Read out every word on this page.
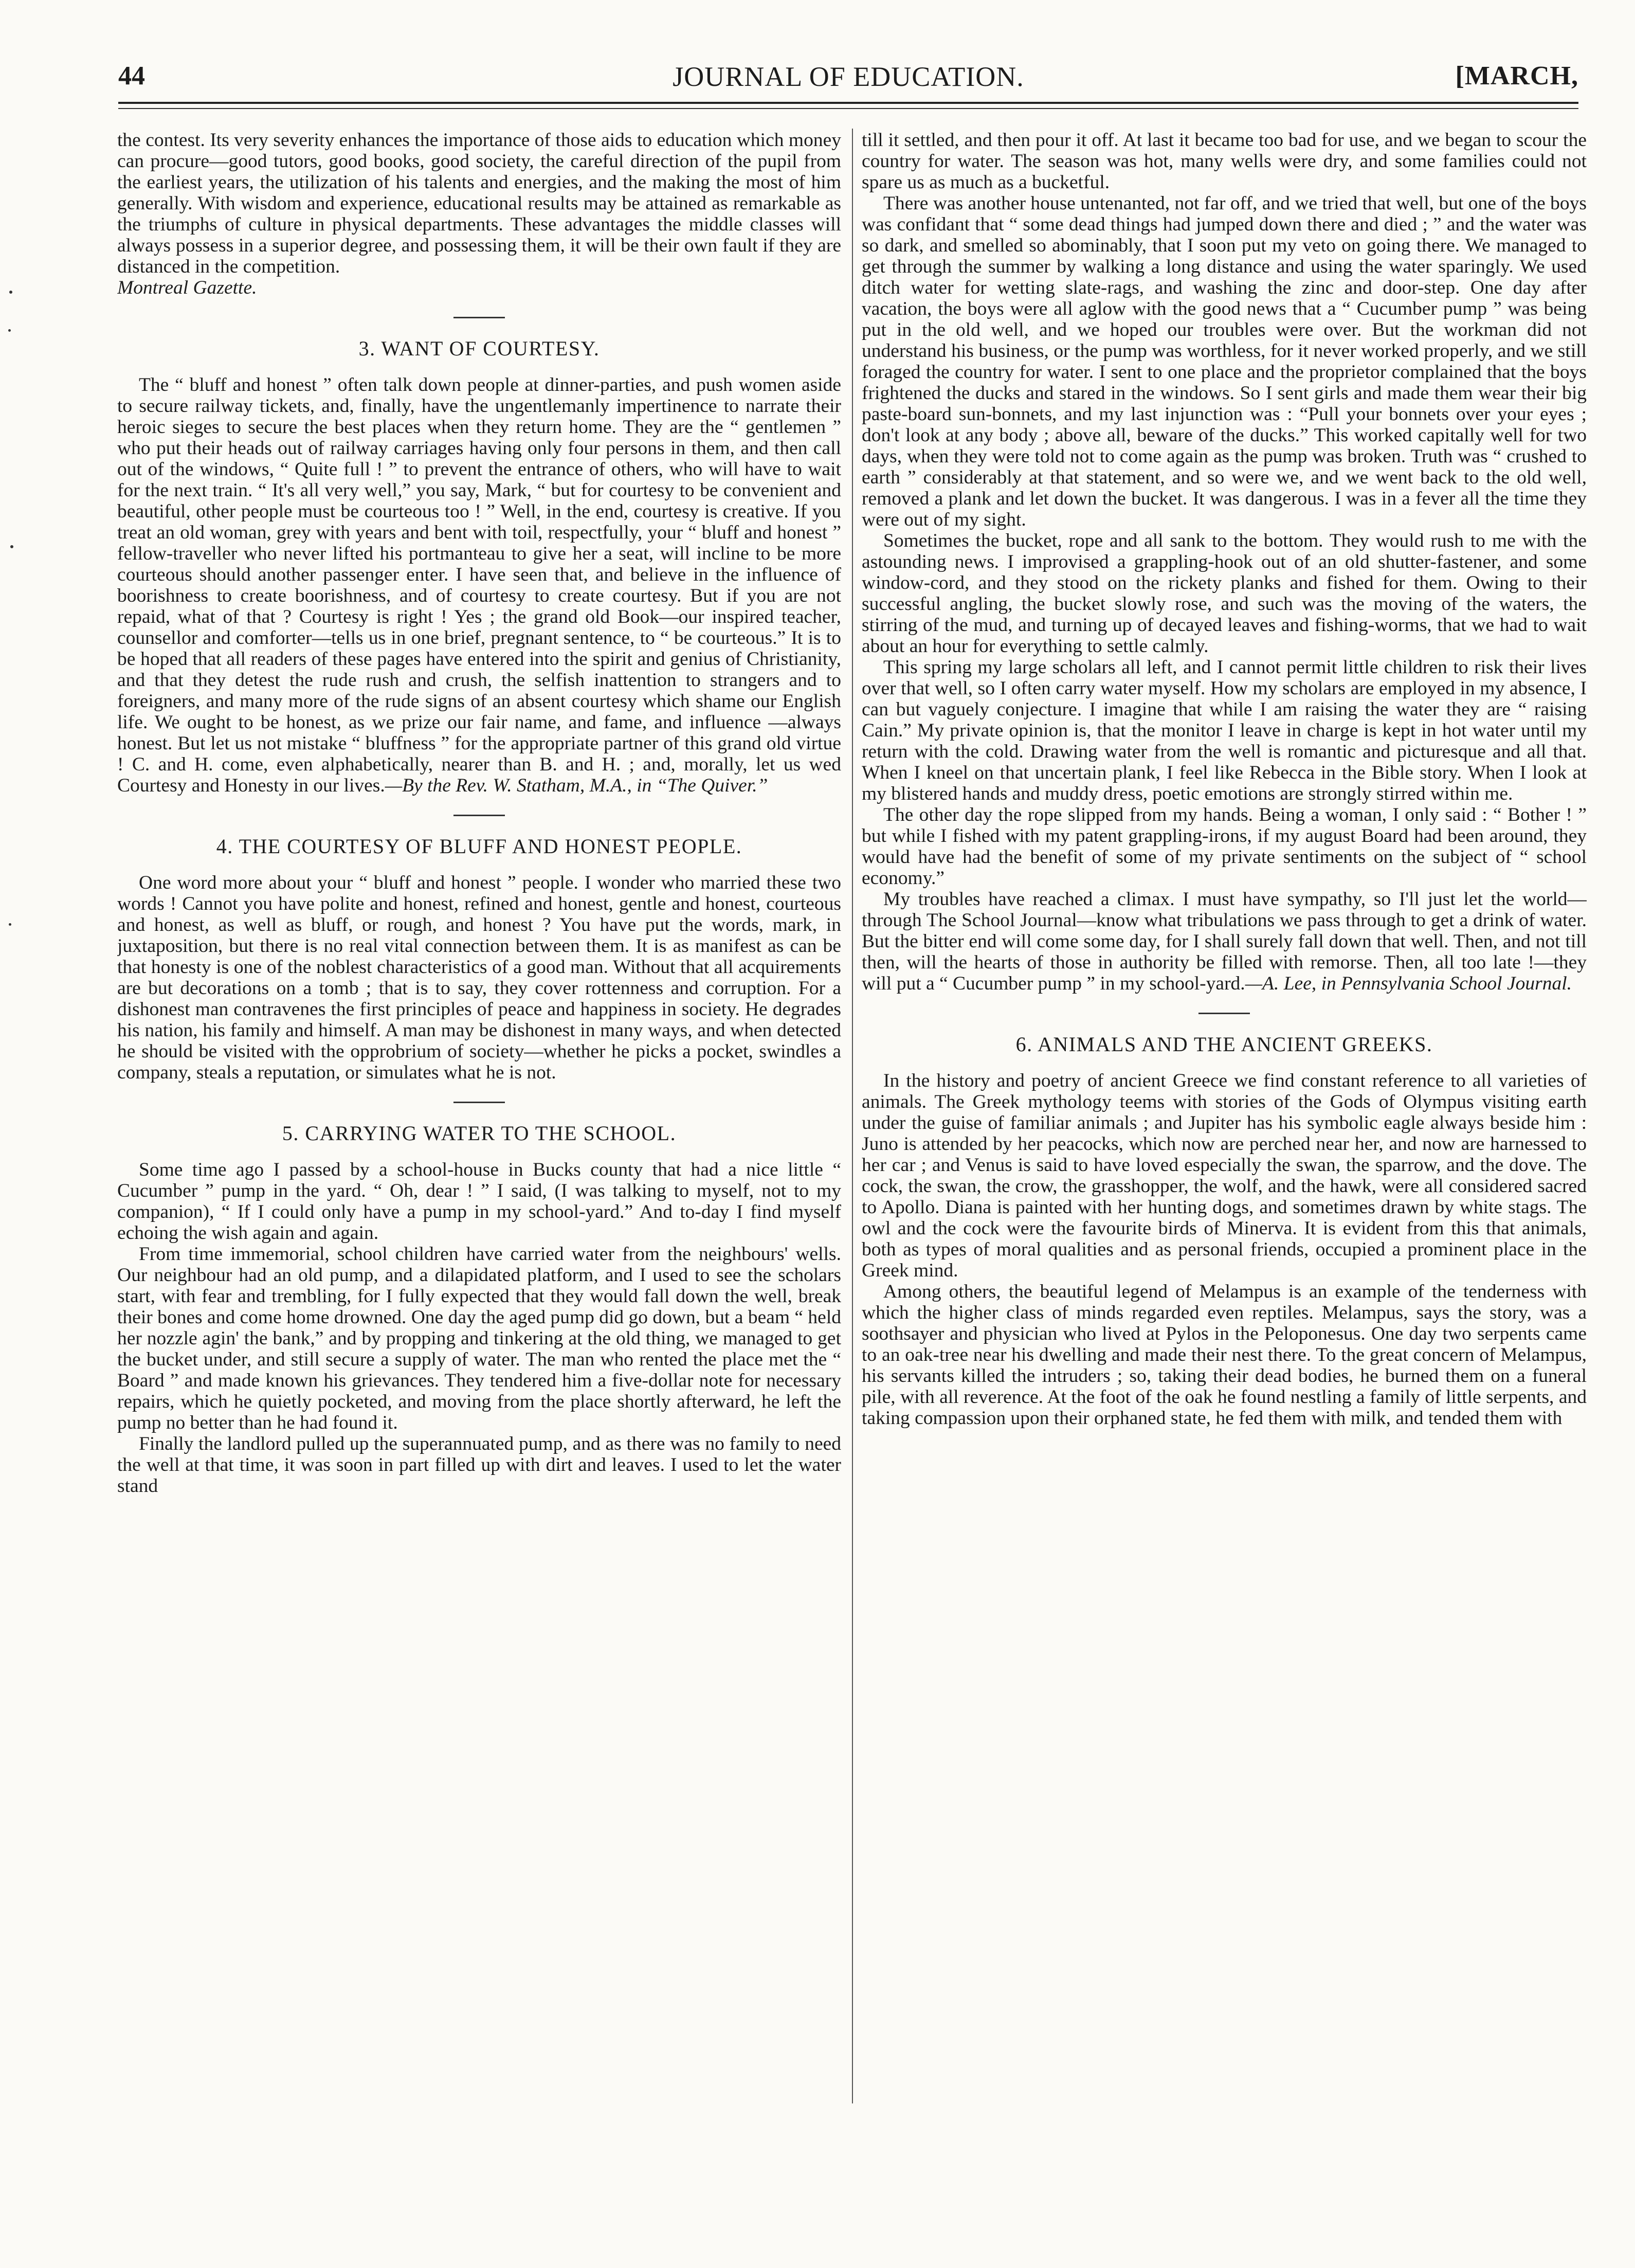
44	JOURNAL OF EDUCATION.	[MARCH,

the contest. Its very severity enhances the importance of those aids to education which money can procure—good tutors, good books, good society, the careful direction of the pupil from the earliest years, the utilization of his talents and energies, and the making the most of him generally. With wisdom and experience, educational results may be attained as remarkable as the triumphs of culture in physical departments. These advantages the middle classes will always possess in a superior degree, and possessing them, it will be their own fault if they are distanced in the competition.

Montreal Gazette.

3. WANT OF COURTESY.

The “ bluff and honest ” often talk down people at dinner-parties, and push women aside to secure railway tickets, and, finally, have the ungentlemanly impertinence to narrate their heroic sieges to secure the best places when they return home. They are the “ gentlemen ” who put their heads out of railway carriages having only four persons in them, and then call out of the windows, “ Quite full ! ” to prevent the entrance of others, who will have to wait for the next train. “ It's all very well,” you say, Mark, “ but for courtesy to be convenient and beautiful, other people must be courteous too ! ” Well, in the end, courtesy is creative. If you treat an old woman, grey with years and bent with toil, respectfully, your “ bluff and honest ” fellow-traveller who never lifted his portmanteau to give her a seat, will incline to be more courteous should another passenger enter. I have seen that, and believe in the influence of boorishness to create boorishness, and of courtesy to create courtesy. But if you are not repaid, what of that ? Courtesy is right ! Yes ; the grand old Book—our inspired teacher, counsellor and comforter—tells us in one brief, pregnant sentence, to “ be courteous.” It is to be hoped that all readers of these pages have entered into the spirit and genius of Christianity, and that they detest the rude rush and crush, the selfish inattention to strangers and to foreigners, and many more of the rude signs of an absent courtesy which shame our English life. We ought to be honest, as we prize our fair name, and fame, and influence —always honest. But let us not mistake “ bluffness ” for the appropriate partner of this grand old virtue ! C. and H. come, even alphabetically, nearer than B. and H. ; and, morally, let us wed Courtesy and Honesty in our lives.—By the Rev. W. Statham, M.A., in “The Quiver.”

4. THE COURTESY OF BLUFF AND HONEST PEOPLE.

One word more about your “ bluff and honest ” people. I wonder who married these two words ! Cannot you have polite and honest, refined and honest, gentle and honest, courteous and honest, as well as bluff, or rough, and honest ? You have put the words, mark, in juxtaposition, but there is no real vital connection between them. It is as manifest as can be that honesty is one of the noblest characteristics of a good man. Without that all acquirements are but decorations on a tomb ; that is to say, they cover rottenness and corruption. For a dishonest man contravenes the first principles of peace and happiness in society. He degrades his nation, his family and himself. A man may be dishonest in many ways, and when detected he should be visited with the opprobrium of society—whether he picks a pocket, swindles a company, steals a reputation, or simulates what he is not.

5. CARRYING WATER TO THE SCHOOL.

Some time ago I passed by a school-house in Bucks county that had a nice little “ Cucumber ” pump in the yard. “ Oh, dear ! ” I said, (I was talking to myself, not to my companion), “ If I could only have a pump in my school-yard.” And to-day I find myself echoing the wish again and again.

From time immemorial, school children have carried water from the neighbours' wells. Our neighbour had an old pump, and a dilapidated platform, and I used to see the scholars start, with fear and trembling, for I fully expected that they would fall down the well, break their bones and come home drowned. One day the aged pump did go down, but a beam “ held her nozzle agin' the bank,” and by propping and tinkering at the old thing, we managed to get the bucket under, and still secure a supply of water. The man who rented the place met the “ Board ” and made known his grievances. They tendered him a five-dollar note for necessary repairs, which he quietly pocketed, and moving from the place shortly afterward, he left the pump no better than he had found it.

Finally the landlord pulled up the superannuated pump, and as there was no family to need the well at that time, it was soon in part filled up with dirt and leaves. I used to let the water stand

till it settled, and then pour it off. At last it became too bad for use, and we began to scour the country for water. The season was hot, many wells were dry, and some families could not spare us as much as a bucketful.

There was another house untenanted, not far off, and we tried that well, but one of the boys was confidant that “ some dead things had jumped down there and died ; ” and the water was so dark, and smelled so abominably, that I soon put my veto on going there. We managed to get through the summer by walking a long distance and using the water sparingly. We used ditch water for wetting slate-rags, and washing the zinc and door-step. One day after vacation, the boys were all aglow with the good news that a “ Cucumber pump ” was being put in the old well, and we hoped our troubles were over. But the workman did not understand his business, or the pump was worthless, for it never worked properly, and we still foraged the country for water. I sent to one place and the proprietor complained that the boys frightened the ducks and stared in the windows. So I sent girls and made them wear their big paste-board sun-bonnets, and my last injunction was : “Pull your bonnets over your eyes ; don't look at any body ; above all, beware of the ducks.” This worked capitally well for two days, when they were told not to come again as the pump was broken. Truth was “ crushed to earth ” considerably at that statement, and so were we, and we went back to the old well, removed a plank and let down the bucket. It was dangerous. I was in a fever all the time they were out of my sight.

Sometimes the bucket, rope and all sank to the bottom. They would rush to me with the astounding news. I improvised a grappling-hook out of an old shutter-fastener, and some window-cord, and they stood on the rickety planks and fished for them. Owing to their successful angling, the bucket slowly rose, and such was the moving of the waters, the stirring of the mud, and turning up of decayed leaves and fishing-worms, that we had to wait about an hour for everything to settle calmly.

This spring my large scholars all left, and I cannot permit little children to risk their lives over that well, so I often carry water myself. How my scholars are employed in my absence, I can but vaguely conjecture. I imagine that while I am raising the water they are “ raising Cain.” My private opinion is, that the monitor I leave in charge is kept in hot water until my return with the cold. Drawing water from the well is romantic and picturesque and all that. When I kneel on that uncertain plank, I feel like Rebecca in the Bible story. When I look at my blistered hands and muddy dress, poetic emotions are strongly stirred within me.

The other day the rope slipped from my hands. Being a woman, I only said : “ Bother ! ” but while I fished with my patent grappling-irons, if my august Board had been around, they would have had the benefit of some of my private sentiments on the subject of “ school economy.”

My troubles have reached a climax. I must have sympathy, so I'll just let the world—through The School Journal—know what tribulations we pass through to get a drink of water. But the bitter end will come some day, for I shall surely fall down that well. Then, and not till then, will the hearts of those in authority be filled with remorse. Then, all too late !—they will put a “ Cucumber pump ” in my school-yard.—A. Lee, in Pennsylvania School Journal.

6. ANIMALS AND THE ANCIENT GREEKS.

In the history and poetry of ancient Greece we find constant reference to all varieties of animals. The Greek mythology teems with stories of the Gods of Olympus visiting earth under the guise of familiar animals ; and Jupiter has his symbolic eagle always beside him : Juno is attended by her peacocks, which now are perched near her, and now are harnessed to her car ; and Venus is said to have loved especially the swan, the sparrow, and the dove. The cock, the swan, the crow, the grasshopper, the wolf, and the hawk, were all considered sacred to Apollo. Diana is painted with her hunting dogs, and sometimes drawn by white stags. The owl and the cock were the favourite birds of Minerva. It is evident from this that animals, both as types of moral qualities and as personal friends, occupied a prominent place in the Greek mind.

Among others, the beautiful legend of Melampus is an example of the tenderness with which the higher class of minds regarded even reptiles. Melampus, says the story, was a soothsayer and physician who lived at Pylos in the Peloponesus. One day two serpents came to an oak-tree near his dwelling and made their nest there. To the great concern of Melampus, his servants killed the intruders ; so, taking their dead bodies, he burned them on a funeral pile, with all reverence. At the foot of the oak he found nestling a family of little serpents, and taking compassion upon their orphaned state, he fed them with milk, and tended them with
